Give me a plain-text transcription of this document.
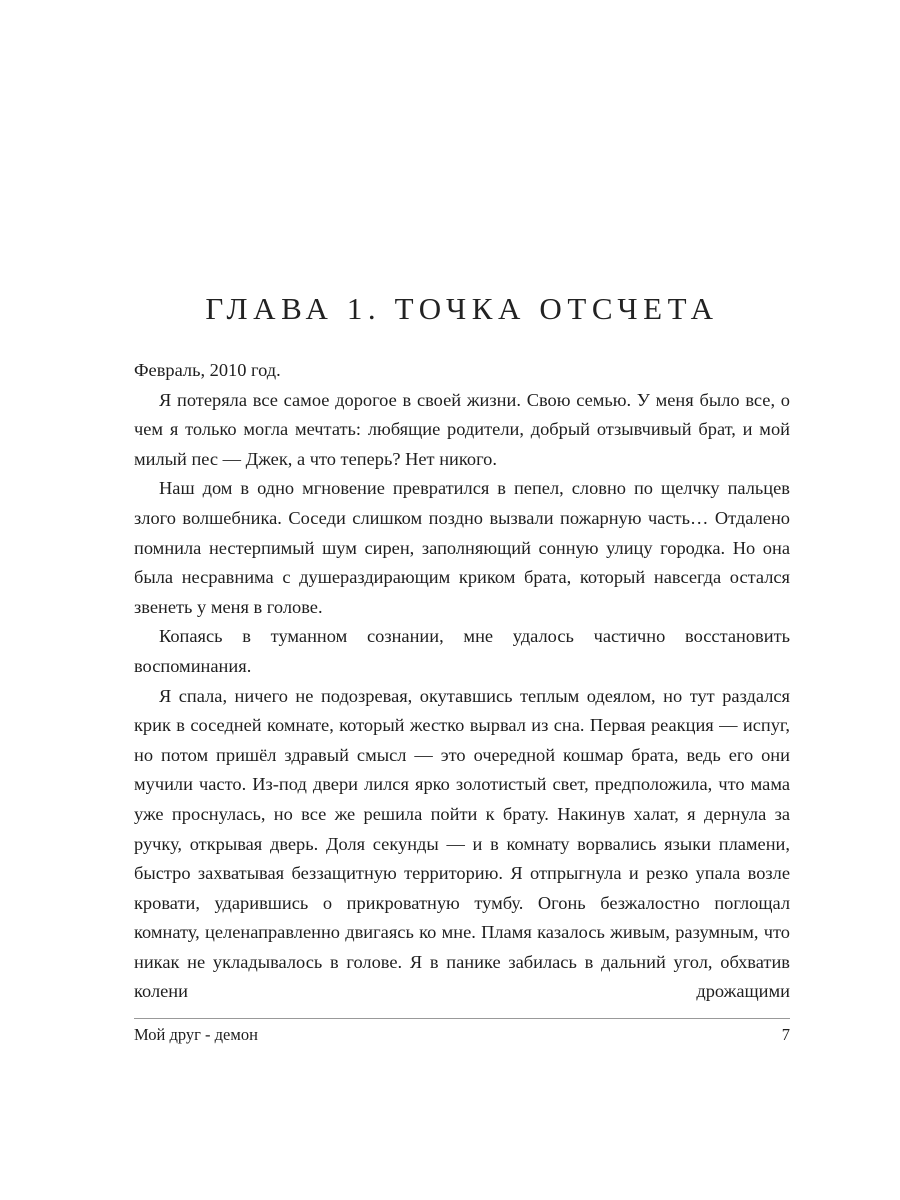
ГЛАВА 1. ТОЧКА ОТСЧЕТА

Февраль, 2010 год.

Я потеряла все самое дорогое в своей жизни. Свою семью. У меня было все, о чем я только могла мечтать: любящие родители, добрый отзывчивый брат, и мой милый пес — Джек, а что теперь? Нет никого.

Наш дом в одно мгновение превратился в пепел, словно по щелчку пальцев злого волшебника. Соседи слишком поздно вызвали пожарную часть… Отдалено помнила нестерпимый шум сирен, заполняющий сонную улицу городка. Но она была несравнима с душераздирающим криком брата, который навсегда остался звенеть у меня в голове.

Копаясь в туманном сознании, мне удалось частично восстановить воспоминания.

Я спала, ничего не подозревая, окутавшись теплым одеялом, но тут раздался крик в соседней комнате, который жестко вырвал из сна. Первая реакция — испуг, но потом пришёл здравый смысл — это очередной кошмар брата, ведь его они мучили часто. Из-под двери лился ярко золотистый свет, предположила, что мама уже проснулась, но все же решила пойти к брату. Накинув халат, я дернула за ручку, открывая дверь. Доля секунды — и в комнату ворвались языки пламени, быстро захватывая беззащитную территорию. Я отпрыгнула и резко упала возле кровати, ударившись о прикроватную тумбу. Огонь безжалостно поглощал комнату, целенаправленно двигаясь ко мне. Пламя казалось живым, разумным, что никак не укладывалось в голове. Я в панике забилась в дальний угол, обхватив колени дрожащими

Мой друг - демон	7
